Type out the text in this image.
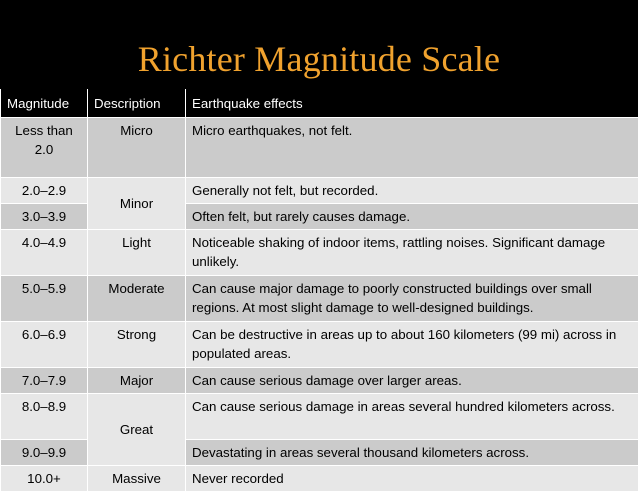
Richter Magnitude Scale
Magnitude	Description	Earthquake effects
Less than 2.0	Micro	Micro earthquakes, not felt.
2.0–2.9	Minor	Generally not felt, but recorded.
3.0–3.9		Often felt, but rarely causes damage.
4.0–4.9	Light	Noticeable shaking of indoor items, rattling noises. Significant damage unlikely.
5.0–5.9	Moderate	Can cause major damage to poorly constructed buildings over small regions. At most slight damage to well-designed buildings.
6.0–6.9	Strong	Can be destructive in areas up to about 160 kilometers (99 mi) across in populated areas.
7.0–7.9	Major	Can cause serious damage over larger areas.
8.0–8.9	Great	Can cause serious damage in areas several hundred kilometers across.
9.0–9.9		Devastating in areas several thousand kilometers across.
10.0+	Massive	Never recorded
